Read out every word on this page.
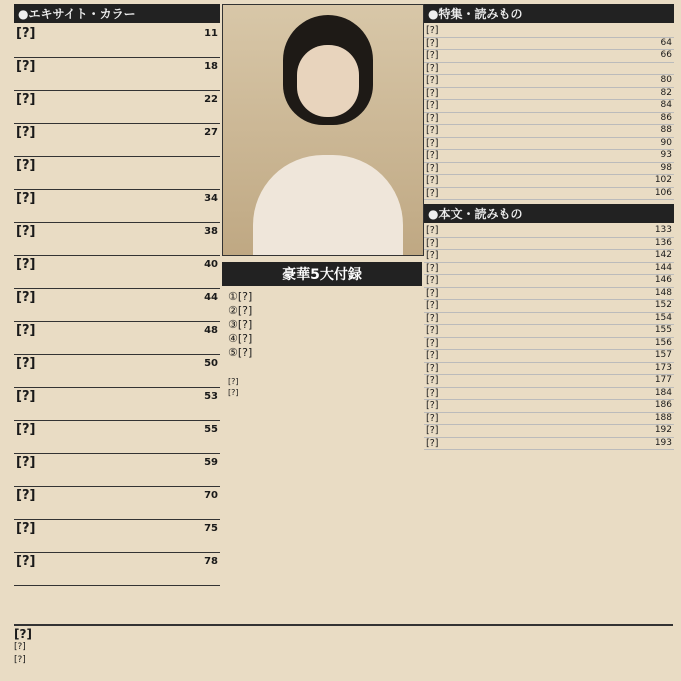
●エキサイト・カラー
11
[?]
18
[?]
22
[?]
27
[?]
[?]
34
[?]
38
[?]
40
[?]
44
[?]
48
[?]
50
[?]
53
[?]
55
[?]
59
[?]
70
[?]
75
[?]
78
[?]
豪華5大付録
①[?]
②[?]
③[?]
④[?]
⑤[?]
[?]
[?]
●特集・読みもの
[?]
64
[?]
66
[?]
[?]
80
[?]
82
[?]
84
[?]
86
[?]
88
[?]
90
[?]
93
[?]
98
[?]
102
[?]
106
[?]
●本文・読みもの
133
[?]
136
[?]
142
[?]
144
[?]
146
[?]
148
[?]
152
[?]
154
[?]
155
[?]
156
[?]
157
[?]
173
[?]
177
[?]
184
[?]
186
[?]
188
[?]
192
[?]
193
[?]
[?]
[?]
[?]
